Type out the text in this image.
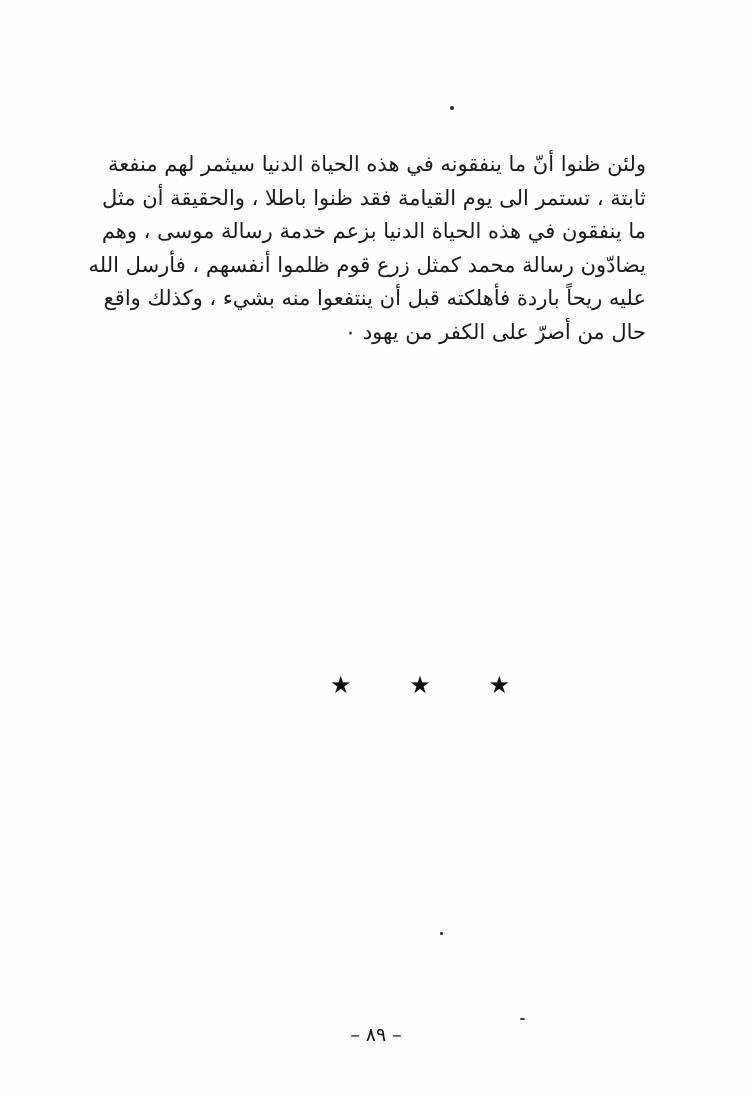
ولئن ظنوا أنّ ما ينفقونه في هذه الحياة الدنيا سيثمر لهم منفعة
ثابتة ، تستمر الى يوم القيامة فقد ظنوا باطلا ، والحقيقة أن مثل
ما ينفقون في هذه الحياة الدنيا بزعم خدمة رسالة موسى ، وهم
يضادّون رسالة محمد كمثل زرع قوم ظلموا أنفسهم ، فأرسل الله
عليه ريحاً باردة فأهلكته قبل أن ينتفعوا منه بشيء ، وكذلك واقع
حال من أصرّ على الكفر من يهود ٠
★
★
★
– ٨٩ –
